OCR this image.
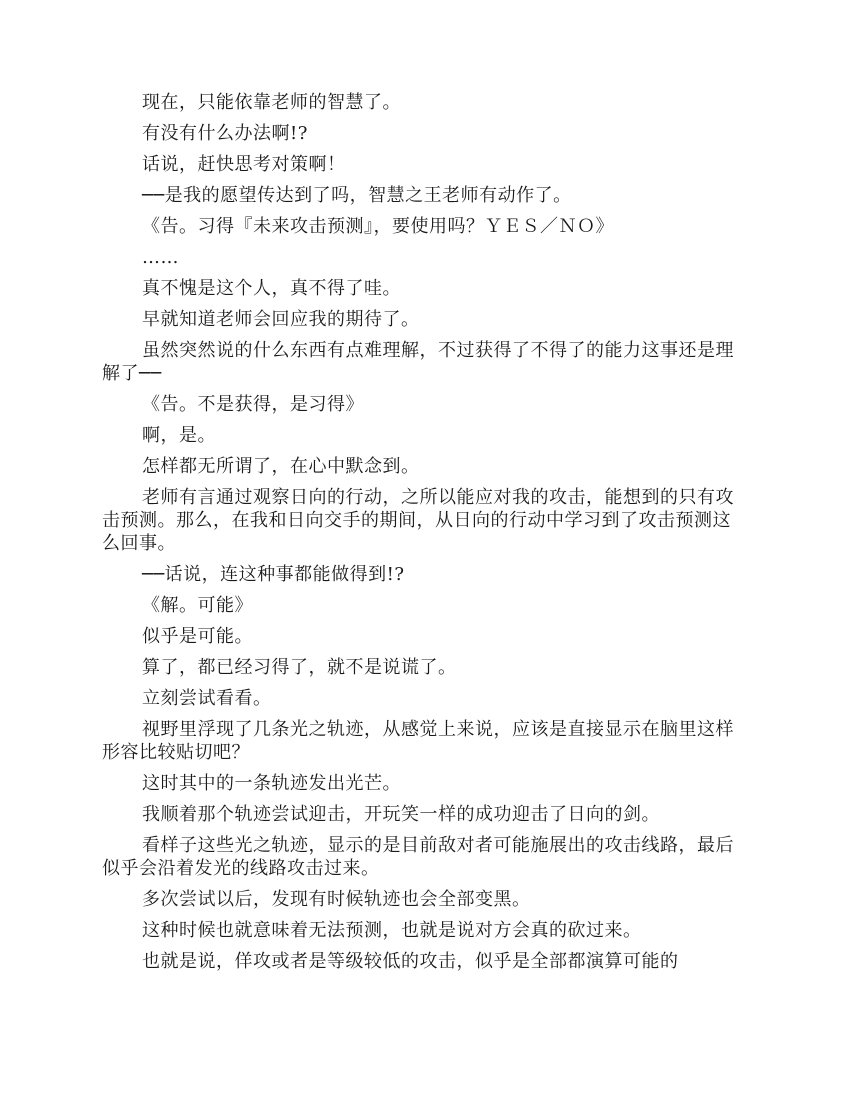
现在，只能依靠老师的智慧了。

有没有什么办法啊!?

话说，赶快思考对策啊！

──是我的愿望传达到了吗，智慧之王老师有动作了。

《告。习得『未来攻击预测』，要使用吗？ＹＥＳ／ＮＯ》

……

真不愧是这个人，真不得了哇。

早就知道老师会回应我的期待了。

虽然突然说的什么东西有点难理解，不过获得了不得了的能力这事还是理解了──

《告。不是获得，是习得》

啊，是。

怎样都无所谓了，在心中默念到。

老师有言通过观察日向的行动，之所以能应对我的攻击，能想到的只有攻击预测。那么，在我和日向交手的期间，从日向的行动中学习到了攻击预测这么回事。

──话说，连这种事都能做得到!?

《解。可能》

似乎是可能。

算了，都已经习得了，就不是说谎了。

立刻尝试看看。

视野里浮现了几条光之轨迹，从感觉上来说，应该是直接显示在脑里这样形容比较贴切吧？

这时其中的一条轨迹发出光芒。

我顺着那个轨迹尝试迎击，开玩笑一样的成功迎击了日向的剑。

看样子这些光之轨迹，显示的是目前敌对者可能施展出的攻击线路，最后似乎会沿着发光的线路攻击过来。

多次尝试以后，发现有时候轨迹也会全部变黑。

这种时候也就意味着无法预测，也就是说对方会真的砍过来。

也就是说，佯攻或者是等级较低的攻击，似乎是全部都演算可能的
